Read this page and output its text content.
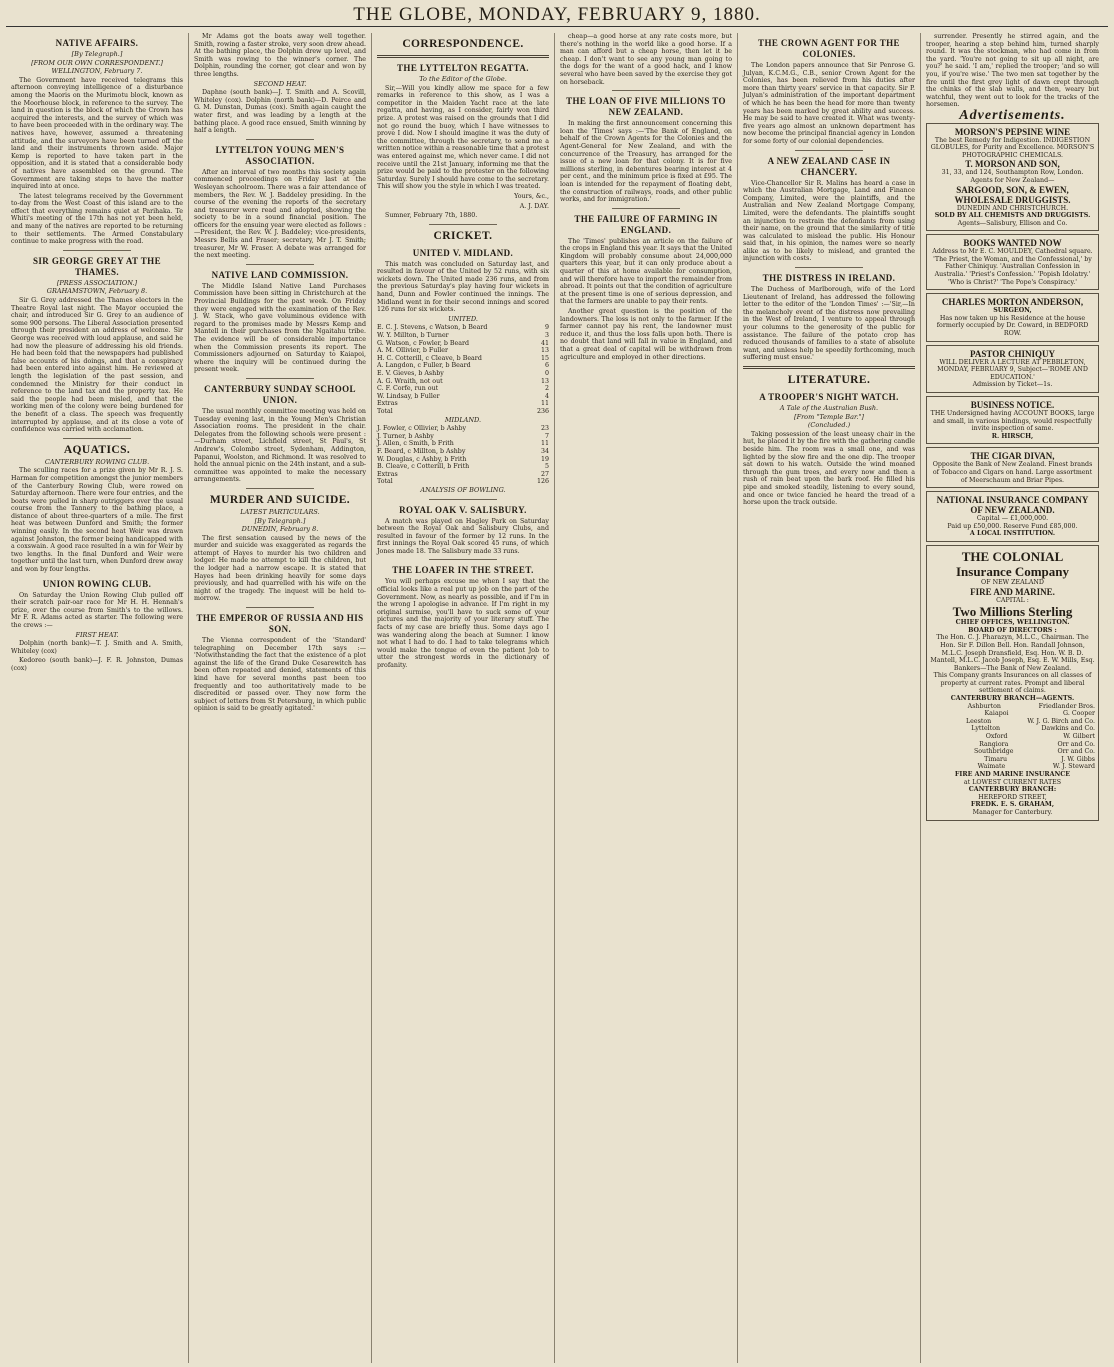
THE GLOBE, MONDAY, FEBRUARY 9, 1880.
NATIVE AFFAIRS.
[By Telegraph.]
[FROM OUR OWN CORRESPONDENT.]
WELLINGTON, February 7.

The Government have received telegrams this afternoon conveying intelligence of a disturbance among the Maoris on the Murimotu block, known as the Moorhouse block, in reference to the survey. The land in question is the block of which the Crown has acquired the interests, and the survey of which was to have been proceeded with in the ordinary way. The natives have, however, assumed a threatening attitude, and the surveyors have been turned off the land and their instruments thrown aside. Major Kemp is reported to have taken part in the opposition, and it is stated that a considerable body of natives have assembled on the ground. The Government are taking steps to have the matter inquired into at once.

The latest telegrams received by the Government to-day from the West Coast of this island are to the effect that everything remains quiet at Parihaka. Te Whiti's meeting of the 17th has not yet been held, and many of the natives are reported to be returning to their settlements. The Armed Constabulary continue to make progress with the road.

SIR GEORGE GREY AT THE THAMES.
[PRESS ASSOCIATION.]
GRAHAMSTOWN, February 8.

Sir G. Grey addressed the Thames electors in the Theatre Royal last night. The Mayor occupied the chair, and introduced Sir G. Grey to an audience of some 900 persons. The Liberal Association presented through their president an address of welcome. Sir George was received with loud applause, and said he had now the pleasure of addressing his old friends. He had been told that the newspapers had published false accounts of his doings, and that a conspiracy had been entered into against him. He reviewed at length the legislation of the past session, and condemned the Ministry for their conduct in reference to the land tax and the property tax. He said the people had been misled, and that the working men of the colony were being burdened for the benefit of a class. The speech was frequently interrupted by applause, and at its close a vote of confidence was carried with acclamation.

AQUATICS.
CANTERBURY ROWING CLUB.

The sculling races for a prize given by Mr R. J. S. Harman for competition amongst the junior members of the Canterbury Rowing Club, were rowed on Saturday afternoon. There were four entries, and the boats were pulled in sharp outriggers over the usual course from the Tannery to the bathing place, a distance of about three-quarters of a mile. The first heat was between Dunford and Smith; the former winning easily. In the second heat Weir was drawn against Johnston, the former being handicapped with a coxswain. A good race resulted in a win for Weir by two lengths. In the final Dunford and Weir were together until the last turn, when Dunford drew away and won by four lengths.

UNION ROWING CLUB.

On Saturday the Union Rowing Club pulled off their scratch pair-oar race for Mr H. H. Hennah's prize, over the course from Smith's to the willows. Mr F. R. Adams acted as starter. The following were the crews :—

FIRST HEAT.

Dolphin (north bank)—T. J. Smith and A. Smith, Whiteley (cox)

Kedoreo (south bank)—J. F. R. Johnston, Dumas (cox)

Mr Adams got the boats away well together. Smith, rowing a faster stroke, very soon drew ahead. At the bathing place, the Dolphin drew up level, and Smith was rowing to the winner's corner. The Dolphin, rounding the corner, got clear and won by three lengths.

SECOND HEAT.

Daphne (south bank)—J. T. Smith and A. Scovill, Whiteley (cox). Dolphin (north bank)—D. Peirce and G. M. Dunstan, Dumas (cox). Smith again caught the water first, and was leading by a length at the bathing place. A good race ensued, Smith winning by half a length.

LYTTELTON YOUNG MEN'S ASSOCIATION.

After an interval of two months this society again commenced proceedings on Friday last at the Wesleyan schoolroom. There was a fair attendance of members, the Rev. W. J. Baddeley presiding. In the course of the evening the reports of the secretary and treasurer were read and adopted, showing the society to be in a sound financial position. The officers for the ensuing year were elected as follows :—President, the Rev. W. J. Baddeley; vice-presidents, Messrs Bellis and Fraser; secretary, Mr J. T. Smith; treasurer, Mr W. Fraser. A debate was arranged for the next meeting.

NATIVE LAND COMMISSION.

The Middle Island Native Land Purchases Commission have been sitting in Christchurch at the Provincial Buildings for the past week. On Friday they were engaged with the examination of the Rev. J. W. Stack, who gave voluminous evidence with regard to the promises made by Messrs Kemp and Mantell in their purchases from the Ngaitahu tribe. The evidence will be of considerable importance when the Commission presents its report. The Commissioners adjourned on Saturday to Kaiapoi, where the inquiry will be continued during the present week.

CANTERBURY SUNDAY SCHOOL UNION.

The usual monthly committee meeting was held on Tuesday evening last, in the Young Men's Christian Association rooms. The president in the chair. Delegates from the following schools were present :—Durham street, Lichfield street, St Paul's, St Andrew's, Colombo street, Sydenham, Addington, Papanui, Woolston, and Richmond. It was resolved to hold the annual picnic on the 24th instant, and a sub-committee was appointed to make the necessary arrangements.

MURDER AND SUICIDE.
LATEST PARTICULARS.
[By Telegraph.]
DUNEDIN, February 8.

The first sensation caused by the news of the murder and suicide was exaggerated as regards the attempt of Hayes to murder his two children and lodger. He made no attempt to kill the children, but the lodger had a narrow escape. It is stated that Hayes had been drinking heavily for some days previously, and had quarrelled with his wife on the night of the tragedy. The inquest will be held to-morrow.

THE EMPEROR OF RUSSIA AND HIS SON.

The Vienna correspondent of the 'Standard' telegraphing on December 17th says :— 'Notwithstanding the fact that the existence of a plot against the life of the Grand Duke Cesarewitch has been often repeated and denied, statements of this kind have for several months past been too frequently and too authoritatively made to be discredited or passed over. They now form the subject of letters from St Petersburg, in which public opinion is said to be greatly agitated.'

CORRESPONDENCE.
THE LYTTELTON REGATTA.
To the Editor of the Globe.

Sir,—Will you kindly allow me space for a few remarks in reference to this show, as I was a competitor in the Maiden Yacht race at the late regatta, and having, as I consider, fairly won third prize. A protest was raised on the grounds that I did not go round the buoy, which I have witnesses to prove I did. Now I should imagine it was the duty of the committee, through the secretary, to send me a written notice within a reasonable time that a protest was entered against me, which never came. I did not receive until the 21st January, informing me that the prize would be paid to the protester on the following Saturday. Surely I should have come to the secretary. This will show you the style in which I was treated.

Yours, &c.,

A. J. DAY.

Sumner, February 7th, 1880.

CRICKET.
UNITED V. MIDLAND.

This match was concluded on Saturday last, and resulted in favour of the United by 52 runs, with six wickets down. The United made 236 runs, and from the previous Saturday's play having four wickets in hand, Dunn and Fowler continued the innings. The Midland went in for their second innings and scored 126 runs for six wickets.

UNITED.
E. C. J. Stevens, c Watson, b Beard	9
W. Y. Millton, b Turner	3
G. Watson, c Fowler, b Beard	41
A. M. Ollivier, b Fuller	13
H. C. Cotterill, c Cleave, b Beard	15
A. Langdon, c Fuller, b Beard	6
E. V. Gieves, b Ashby	0
A. G. Wraith, not out	13
C. F. Corfe, run out	2
W. Lindsay, b Fuller	4
Extras	11
Total	236
MIDLAND.
J. Fowler, c Ollivier, b Ashby	23
J. Turner, b Ashby	7
J. Allen, c Smith, b Frith	11
F. Beard, c Millton, b Ashby	34
W. Douglas, c Ashby, b Frith	19
B. Cleave, c Cotterill, b Frith	5
Extras	27
Total	126
ANALYSIS OF BOWLING.
ROYAL OAK V. SALISBURY.

A match was played on Hagley Park on Saturday between the Royal Oak and Salisbury Clubs, and resulted in favour of the former by 12 runs. In the first innings the Royal Oak scored 45 runs, of which Jones made 18. The Salisbury made 33 runs.

THE LOAFER IN THE STREET.

You will perhaps excuse me when I say that the official looks like a real put up job on the part of the Government. Now, as nearly as possible, and if I'm in the wrong I apologise in advance. If I'm right in my original surmise, you'll have to suck some of your pictures and the majority of your literary stuff. The facts of my case are briefly thus. Some days ago I was wandering along the beach at Sumner. I know not what I had to do. I had to take telegrams which would make the tongue of even the patient Job to utter the strongest words in the dictionary of profanity.

cheap—a good horse at any rate costs more, but there's nothing in the world like a good horse. If a man can afford but a cheap horse, then let it be cheap. I don't want to see any young man going to the dogs for the want of a good hack, and I know several who have been saved by the exercise they got on horseback.

THE LOAN OF FIVE MILLIONS TO NEW ZEALAND.

In making the first announcement concerning this loan the 'Times' says :—'The Bank of England, on behalf of the Crown Agents for the Colonies and the Agent-General for New Zealand, and with the concurrence of the Treasury, has arranged for the issue of a new loan for that colony. It is for five millions sterling, in debentures bearing interest at 4 per cent., and the minimum price is fixed at £95. The loan is intended for the repayment of floating debt, the construction of railways, roads, and other public works, and for immigration.'

THE FAILURE OF FARMING IN ENGLAND.

The 'Times' publishes an article on the failure of the crops in England this year. It says that the United Kingdom will probably consume about 24,000,000 quarters this year, but it can only produce about a quarter of this at home available for consumption, and will therefore have to import the remainder from abroad. It points out that the condition of agriculture at the present time is one of serious depression, and that the farmers are unable to pay their rents.

Another great question is the position of the landowners. The loss is not only to the farmer. If the farmer cannot pay his rent, the landowner must reduce it, and thus the loss falls upon both. There is no doubt that land will fall in value in England, and that a great deal of capital will be withdrawn from agriculture and employed in other directions.

THE CROWN AGENT FOR THE COLONIES.

The London papers announce that Sir Penrose G. Julyan, K.C.M.G., C.B., senior Crown Agent for the Colonies, has been relieved from his duties after more than thirty years' service in that capacity. Sir P. Julyan's administration of the important department of which he has been the head for more than twenty years has been marked by great ability and success. He may be said to have created it. What was twenty-five years ago almost an unknown department has now become the principal financial agency in London for some forty of our colonial dependencies.

A NEW ZEALAND CASE IN CHANCERY.

Vice-Chancellor Sir R. Malins has heard a case in which the Australian Mortgage, Land and Finance Company, Limited, were the plaintiffs, and the Australian and New Zealand Mortgage Company, Limited, were the defendants. The plaintiffs sought an injunction to restrain the defendants from using their name, on the ground that the similarity of title was calculated to mislead the public. His Honour said that, in his opinion, the names were so nearly alike as to be likely to mislead, and granted the injunction with costs.

THE DISTRESS IN IRELAND.

The Duchess of Marlborough, wife of the Lord Lieutenant of Ireland, has addressed the following letter to the editor of the 'London Times' :—'Sir,—In the melancholy event of the distress now prevailing in the West of Ireland, I venture to appeal through your columns to the generosity of the public for assistance. The failure of the potato crop has reduced thousands of families to a state of absolute want, and unless help be speedily forthcoming, much suffering must ensue.'

LITERATURE.
A TROOPER'S NIGHT WATCH.
A Tale of the Australian Bush.
[From "Temple Bar."]
(Concluded.)

Taking possession of the least uneasy chair in the hut, he placed it by the fire with the gathering candle beside him. The room was a small one, and was lighted by the slow fire and the one dip. The trooper sat down to his watch. Outside the wind moaned through the gum trees, and every now and then a rush of rain beat upon the bark roof. He filled his pipe and smoked steadily, listening to every sound, and once or twice fancied he heard the tread of a horse upon the track outside.

surrender. Presently he stirred again, and the trooper, hearing a step behind him, turned sharply round. It was the stockman, who had come in from the yard. 'You're not going to sit up all night, are you?' he said. 'I am,' replied the trooper; 'and so will you, if you're wise.' The two men sat together by the fire until the first grey light of dawn crept through the chinks of the slab walls, and then, weary but watchful, they went out to look for the tracks of the horsemen.

Advertisements.
MORSON'S PEPSINE WINE
The best Remedy for Indigestion. INDIGESTION GLOBULES, for Purity and Excellence. MORSON'S PHOTOGRAPHIC CHEMICALS.
T. MORSON AND SON,
31, 33, and 124, Southampton Row, London.
Agents for New Zealand—
SARGOOD, SON, & EWEN, WHOLESALE DRUGGISTS.
DUNEDIN AND CHRISTCHURCH.
SOLD BY ALL CHEMISTS AND DRUGGISTS.
Agents—Salisbury, Ellison and Co.
BOOKS WANTED NOW
Address to Mr E. C. MOULDEY, Cathedral square.
'The Priest, the Woman, and the Confessional,' by Father Chiniquy. 'Australian Confession in Australia.' 'Priest's Confession.' 'Popish Idolatry.' 'Who is Christ?' 'The Pope's Conspiracy.'
CHARLES MORTON ANDERSON,
SURGEON,
Has now taken up his Residence at the house formerly occupied by Dr. Coward, in BEDFORD ROW.
PASTOR CHINIQUY
WILL DELIVER A LECTURE AT PEBBLETON, MONDAY, FEBRUARY 9, Subject—'ROME AND EDUCATION.'
Admission by Ticket—1s.
BUSINESS NOTICE.
THE Undersigned having ACCOUNT BOOKS, large and small, in various bindings, would respectfully invite inspection of same.
R. HIRSCH,
THE CIGAR DIVAN,
Opposite the Bank of New Zealand. Finest brands of Tobacco and Cigars on hand. Large assortment of Meerschaum and Briar Pipes.
NATIONAL INSURANCE COMPANY OF NEW ZEALAND.
Capital — £1,000,000.
Paid up £50,000. Reserve Fund £85,000.
A LOCAL INSTITUTION.
THE COLONIAL
Insurance Company
OF NEW ZEALAND
FIRE AND MARINE.
CAPITAL :
Two Millions Sterling
CHIEF OFFICES, WELLINGTON.
BOARD OF DIRECTORS :
The Hon. C. J. Pharazyn, M.L.C., Chairman. The Hon. Sir F. Dillon Bell. Hon. Randall Johnson, M.L.C. Joseph Dransfield, Esq. Hon. W. B. D. Mantell, M.L.C. Jacob Joseph, Esq. E. W. Mills, Esq.
Bankers—The Bank of New Zealand.
This Company grants Insurances on all classes of property at current rates. Prompt and liberal settlement of claims.
CANTERBURY BRANCH—AGENTS.
Ashburton	Friedlander Bros.
Kaiapoi	G. Cooper
Leeston	W. J. G. Birch and Co.
Lyttelton	Dawkins and Co.
Oxford	W. Gilbert
Rangiora	Orr and Co.
Southbridge	Orr and Co.
Timaru	J. W. Gibbs
Waimate	W. J. Steward
FIRE AND MARINE INSURANCE
at LOWEST CURRENT RATES
CANTERBURY BRANCH:
HEREFORD STREET,
FREDK. E. S. GRAHAM,
Manager for Canterbury.
